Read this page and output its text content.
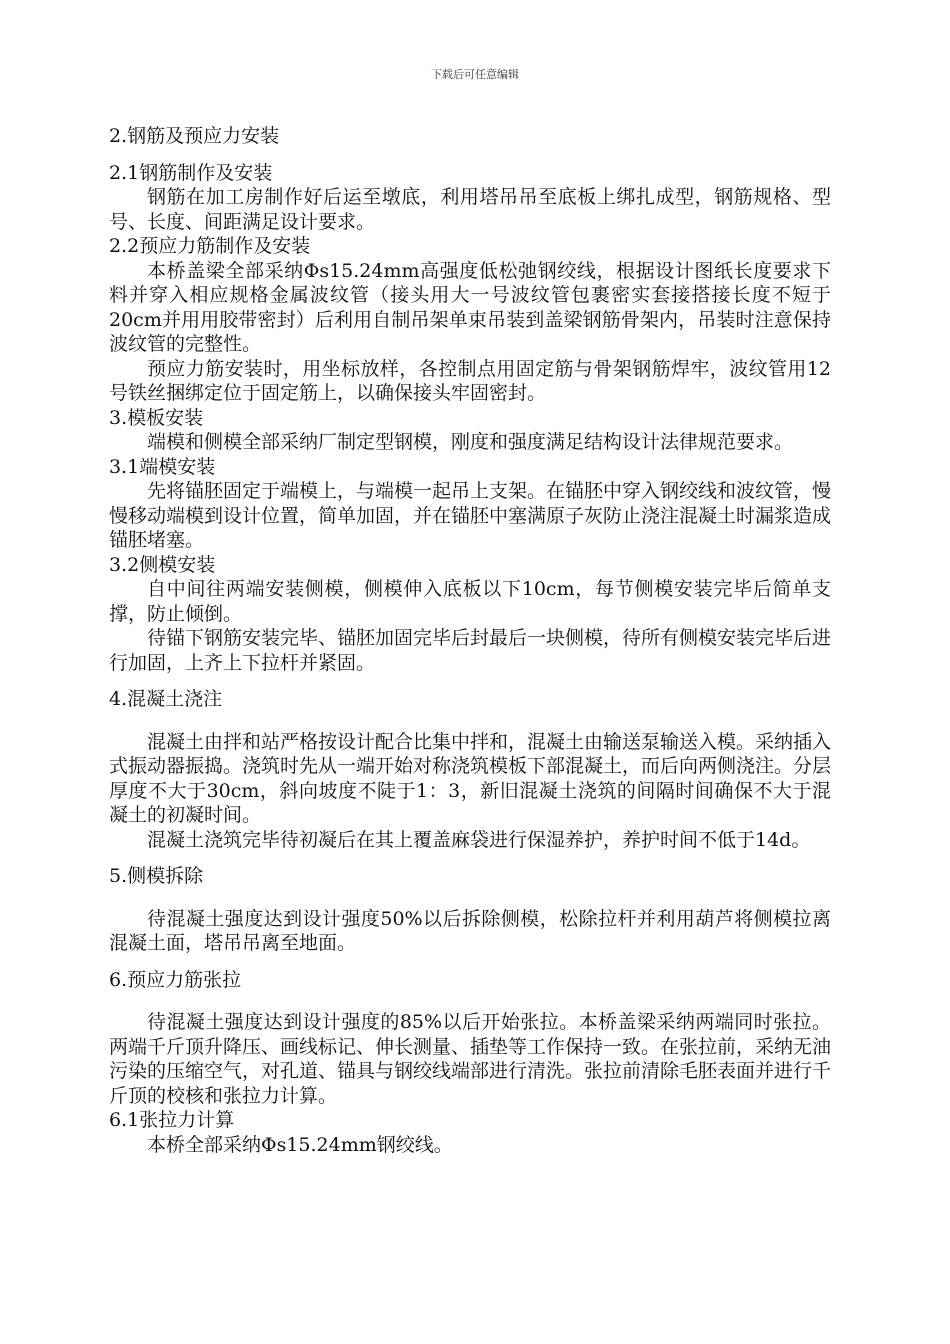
下载后可任意编辑

2.钢筋及预应力安装

2.1钢筋制作及安装

钢筋在加工房制作好后运至墩底，利用塔吊吊至底板上绑扎成型，钢筋规格、型号、长度、间距满足设计要求。

2.2预应力筋制作及安装

本桥盖梁全部采纳Φs15.24mm高强度低松弛钢绞线，根据设计图纸长度要求下料并穿入相应规格金属波纹管（接头用大一号波纹管包裹密实套接搭接长度不短于20cm并用用胶带密封）后利用自制吊架单束吊装到盖梁钢筋骨架内，吊装时注意保持波纹管的完整性。

预应力筋安装时，用坐标放样，各控制点用固定筋与骨架钢筋焊牢，波纹管用12号铁丝捆绑定位于固定筋上，以确保接头牢固密封。

3.模板安装

端模和侧模全部采纳厂制定型钢模，刚度和强度满足结构设计法律规范要求。

3.1端模安装

先将锚胚固定于端模上，与端模一起吊上支架。在锚胚中穿入钢绞线和波纹管，慢慢移动端模到设计位置，简单加固，并在锚胚中塞满原子灰防止浇注混凝土时漏浆造成锚胚堵塞。

3.2侧模安装

自中间往两端安装侧模，侧模伸入底板以下10cm，每节侧模安装完毕后简单支撑，防止倾倒。

待锚下钢筋安装完毕、锚胚加固完毕后封最后一块侧模，待所有侧模安装完毕后进行加固，上齐上下拉杆并紧固。

4.混凝土浇注

混凝土由拌和站严格按设计配合比集中拌和，混凝土由输送泵输送入模。采纳插入式振动器振捣。浇筑时先从一端开始对称浇筑模板下部混凝土，而后向两侧浇注。分层厚度不大于30cm，斜向坡度不陡于1：3，新旧混凝土浇筑的间隔时间确保不大于混凝土的初凝时间。

混凝土浇筑完毕待初凝后在其上覆盖麻袋进行保湿养护，养护时间不低于14d。

5.侧模拆除

待混凝土强度达到设计强度50%以后拆除侧模，松除拉杆并利用葫芦将侧模拉离混凝土面，塔吊吊离至地面。

6.预应力筋张拉

待混凝土强度达到设计强度的85%以后开始张拉。本桥盖梁采纳两端同时张拉。两端千斤顶升降压、画线标记、伸长测量、插垫等工作保持一致。在张拉前，采纳无油污染的压缩空气，对孔道、锚具与钢绞线端部进行清洗。张拉前清除毛胚表面并进行千斤顶的校核和张拉力计算。

6.1张拉力计算

本桥全部采纳Φs15.24mm钢绞线。
